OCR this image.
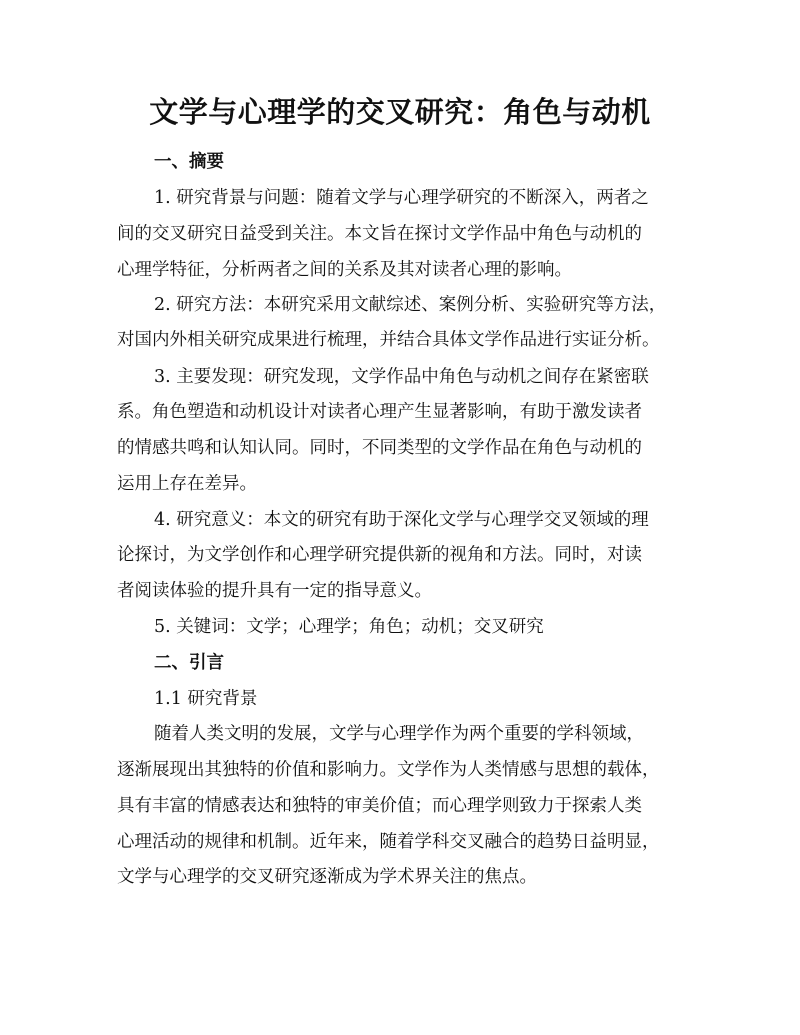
文学与心理学的交叉研究：角色与动机
一、摘要
1. 研究背景与问题：随着文学与心理学研究的不断深入，两者之
间的交叉研究日益受到关注。本文旨在探讨文学作品中角色与动机的
心理学特征，分析两者之间的关系及其对读者心理的影响。
2. 研究方法：本研究采用文献综述、案例分析、实验研究等方法，
对国内外相关研究成果进行梳理，并结合具体文学作品进行实证分析。
3. 主要发现：研究发现，文学作品中角色与动机之间存在紧密联
系。角色塑造和动机设计对读者心理产生显著影响，有助于激发读者
的情感共鸣和认知认同。同时，不同类型的文学作品在角色与动机的
运用上存在差异。
4. 研究意义：本文的研究有助于深化文学与心理学交叉领域的理
论探讨，为文学创作和心理学研究提供新的视角和方法。同时，对读
者阅读体验的提升具有一定的指导意义。
5. 关键词：文学；心理学；角色；动机；交叉研究
二、引言
1.1 研究背景
随着人类文明的发展，文学与心理学作为两个重要的学科领域，
逐渐展现出其独特的价值和影响力。文学作为人类情感与思想的载体，
具有丰富的情感表达和独特的审美价值；而心理学则致力于探索人类
心理活动的规律和机制。近年来，随着学科交叉融合的趋势日益明显，
文学与心理学的交叉研究逐渐成为学术界关注的焦点。
